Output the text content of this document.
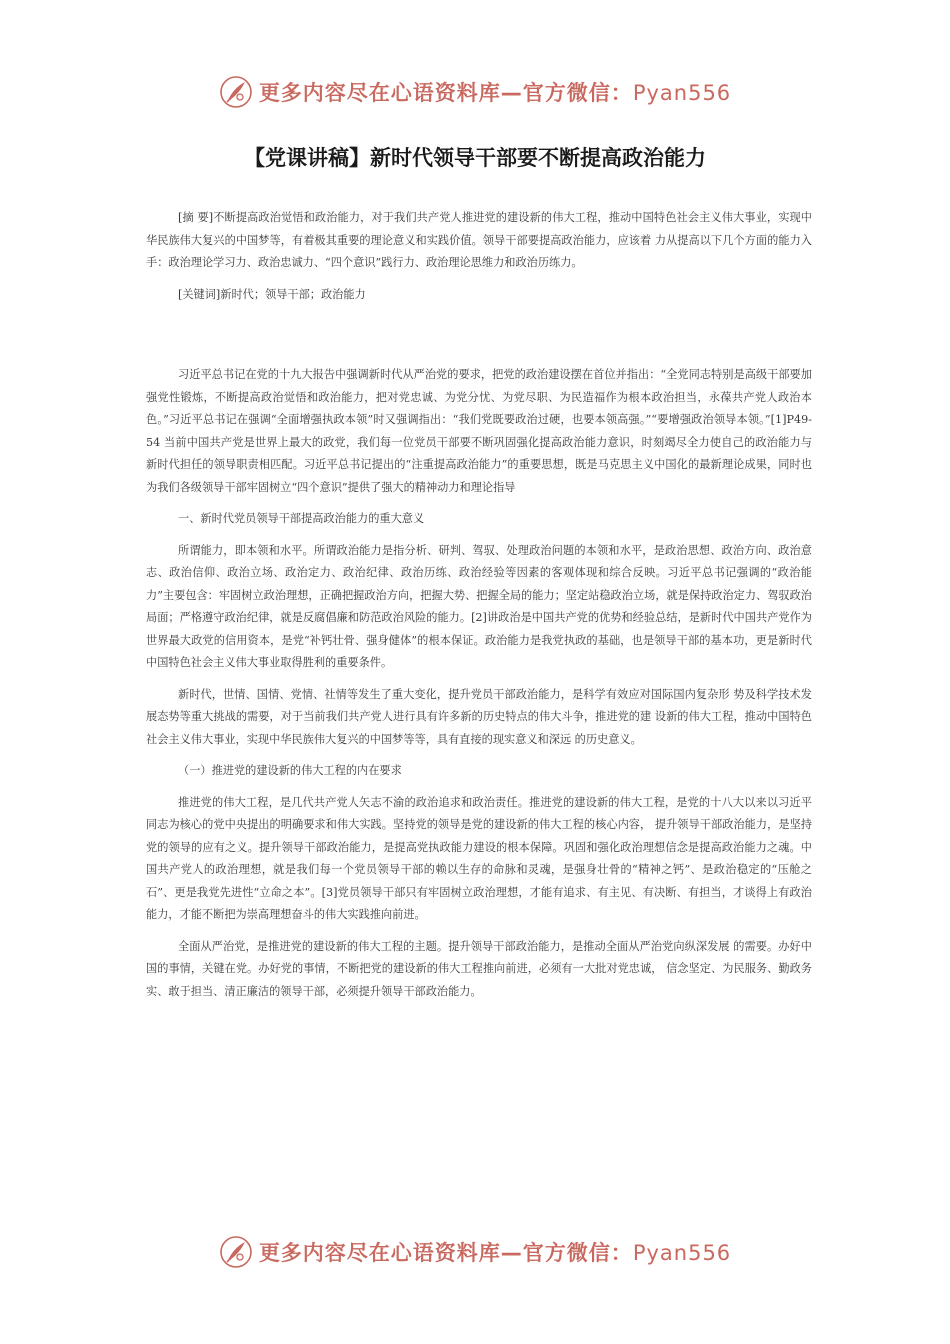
更多内容尽在心语资料库—官方微信：Pyan556
【党课讲稿】新时代领导干部要不断提高政治能力

[摘 要]不断提高政治觉悟和政治能力，对于我们共产党人推进党的建设新的伟大工程，推动中国特色社会主义伟大事业，实现中华民族伟大复兴的中国梦等，有着极其重要的理论意义和实践价值。领导干部要提高政治能力，应该着 力从提高以下几个方面的能力入手：政治理论学习力、政治忠诚力、“四个意识”践行力、政治理论思维力和政治历练力。

[关键词]新时代；领导干部；政治能力

习近平总书记在党的十九大报告中强调新时代从严治党的要求，把党的政治建设摆在首位并指出：“全党同志特别是高级干部要加强党性锻炼，不断提高政治觉悟和政治能力，把对党忠诚、为党分忧、为党尽职、为民造福作为根本政治担当，永葆共产党人政治本色。”习近平总书记在强调“全面增强执政本领”时又强调指出：“我们党既要政治过硬，也要本领高强。”“要增强政治领导本领。”[1]P49-54 当前中国共产党是世界上最大的政党，我们每一位党员干部要不断巩固强化提高政治能力意识，时刻竭尽全力使自己的政治能力与新时代担任的领导职责相匹配。习近平总书记提出的“注重提高政治能力”的重要思想，既是马克思主义中国化的最新理论成果，同时也为我们各级领导干部牢固树立“四个意识”提供了强大的精神动力和理论指导

一、新时代党员领导干部提高政治能力的重大意义

所谓能力，即本领和水平。所谓政治能力是指分析、研判、驾驭、处理政治问题的本领和水平，是政治思想、政治方向、政治意志、政治信仰、政治立场、政治定力、政治纪律、政治历练、政治经验等因素的客观体现和综合反映。习近平总书记强调的“政治能力”主要包含：牢固树立政治理想，正确把握政治方向，把握大势、把握全局的能力；坚定站稳政治立场，就是保持政治定力、驾驭政治局面；严格遵守政治纪律，就是反腐倡廉和防范政治风险的能力。[2]讲政治是中国共产党的优势和经验总结，是新时代中国共产党作为世界最大政党的信用资本，是党“补钙壮骨、强身健体”的根本保证。政治能力是我党执政的基础，也是领导干部的基本功，更是新时代中国特色社会主义伟大事业取得胜利的重要条件。

新时代，世情、国情、党情、社情等发生了重大变化，提升党员干部政治能力，是科学有效应对国际国内复杂形 势及科学技术发展态势等重大挑战的需要，对于当前我们共产党人进行具有许多新的历史特点的伟大斗争，推进党的建 设新的伟大工程，推动中国特色社会主义伟大事业，实现中华民族伟大复兴的中国梦等等，具有直接的现实意义和深远 的历史意义。

（一）推进党的建设新的伟大工程的内在要求

推进党的伟大工程，是几代共产党人矢志不渝的政治追求和政治责任。推进党的建设新的伟大工程，是党的十八大以来以习近平同志为核心的党中央提出的明确要求和伟大实践。坚持党的领导是党的建设新的伟大工程的核心内容， 提升领导干部政治能力，是坚持党的领导的应有之义。提升领导干部政治能力，是提高党执政能力建设的根本保障。巩固和强化政治理想信念是提高政治能力之魂。中国共产党人的政治理想，就是我们每一个党员领导干部的赖以生存的命脉和灵魂，是强身壮骨的“精神之钙”、是政治稳定的“压舱之石”、更是我党先进性“立命之本”。[3]党员领导干部只有牢固树立政治理想，才能有追求、有主见、有决断、有担当，才谈得上有政治能力，才能不断把为崇高理想奋斗的伟大实践推向前进。

全面从严治党，是推进党的建设新的伟大工程的主题。提升领导干部政治能力，是推动全面从严治党向纵深发展 的需要。办好中国的事情，关键在党。办好党的事情，不断把党的建设新的伟大工程推向前进，必须有一大批对党忠诚， 信念坚定、为民服务、勤政务实、敢于担当、清正廉洁的领导干部，必须提升领导干部政治能力。

更多内容尽在心语资料库—官方微信：Pyan556
